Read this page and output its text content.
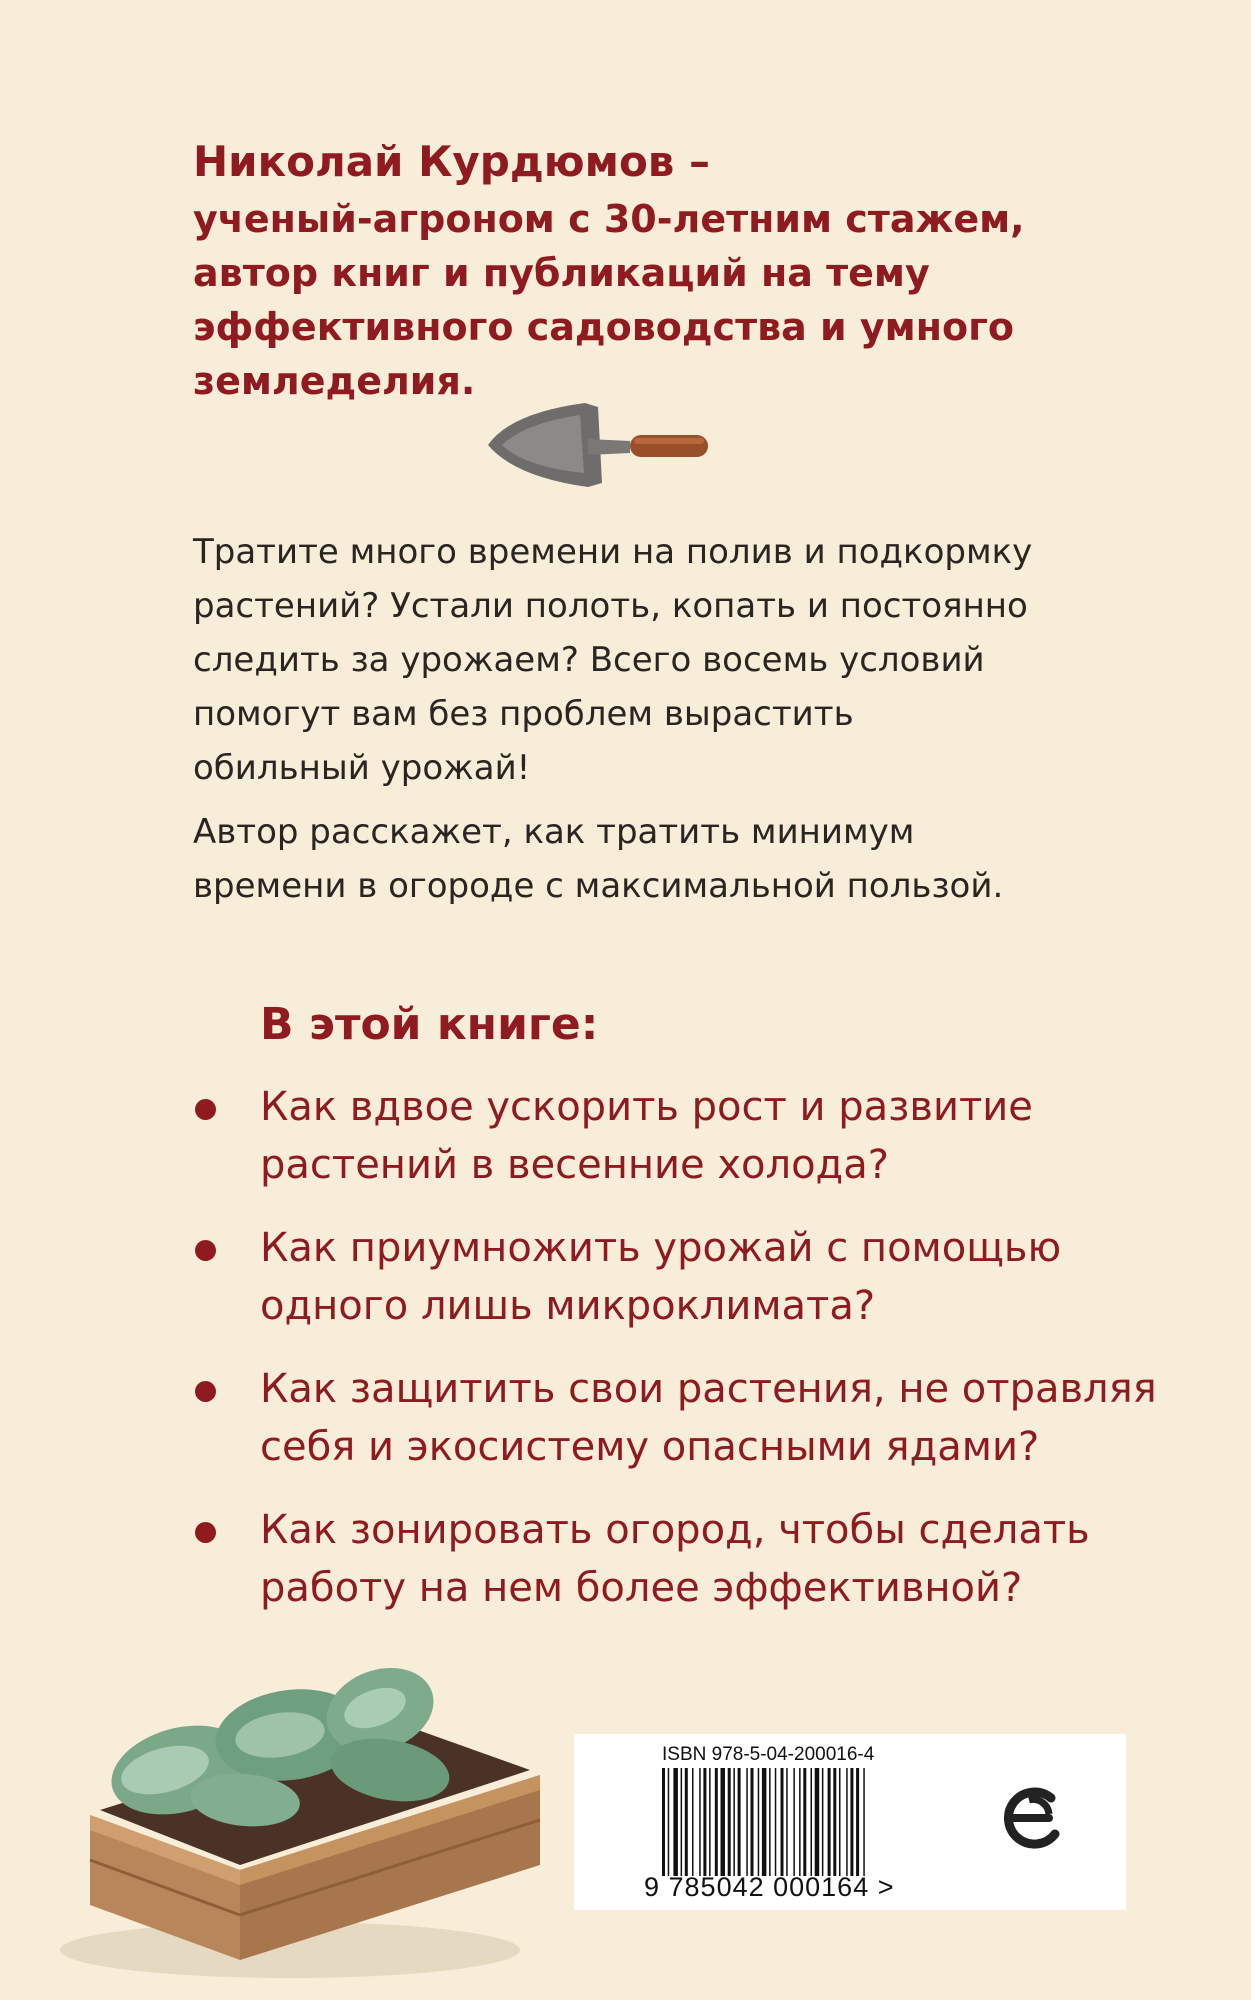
Николай Курдюмов –
ученый-агроном с 30-летним стажем,
автор книг и публикаций на тему
эффективного садоводства и умного
земледелия.
Тратите много времени на полив и подкормку
растений? Устали полоть, копать и постоянно
следить за урожаем? Всего восемь условий
помогут вам без проблем вырастить
обильный урожай!
Автор расскажет, как тратить минимум
времени в огороде с максимальной пользой.
В этой книге:
Как вдвое ускорить рост и развитие
растений в весенние холода?
Как приумножить урожай с помощью
одного лишь микроклимата?
Как защитить свои растения, не отравляя
себя и экосистему опасными ядами?
Как зонировать огород, чтобы сделать
работу на нем более эффективной?
ISBN 978-5-04-200016-4
9 785042 000164 >
